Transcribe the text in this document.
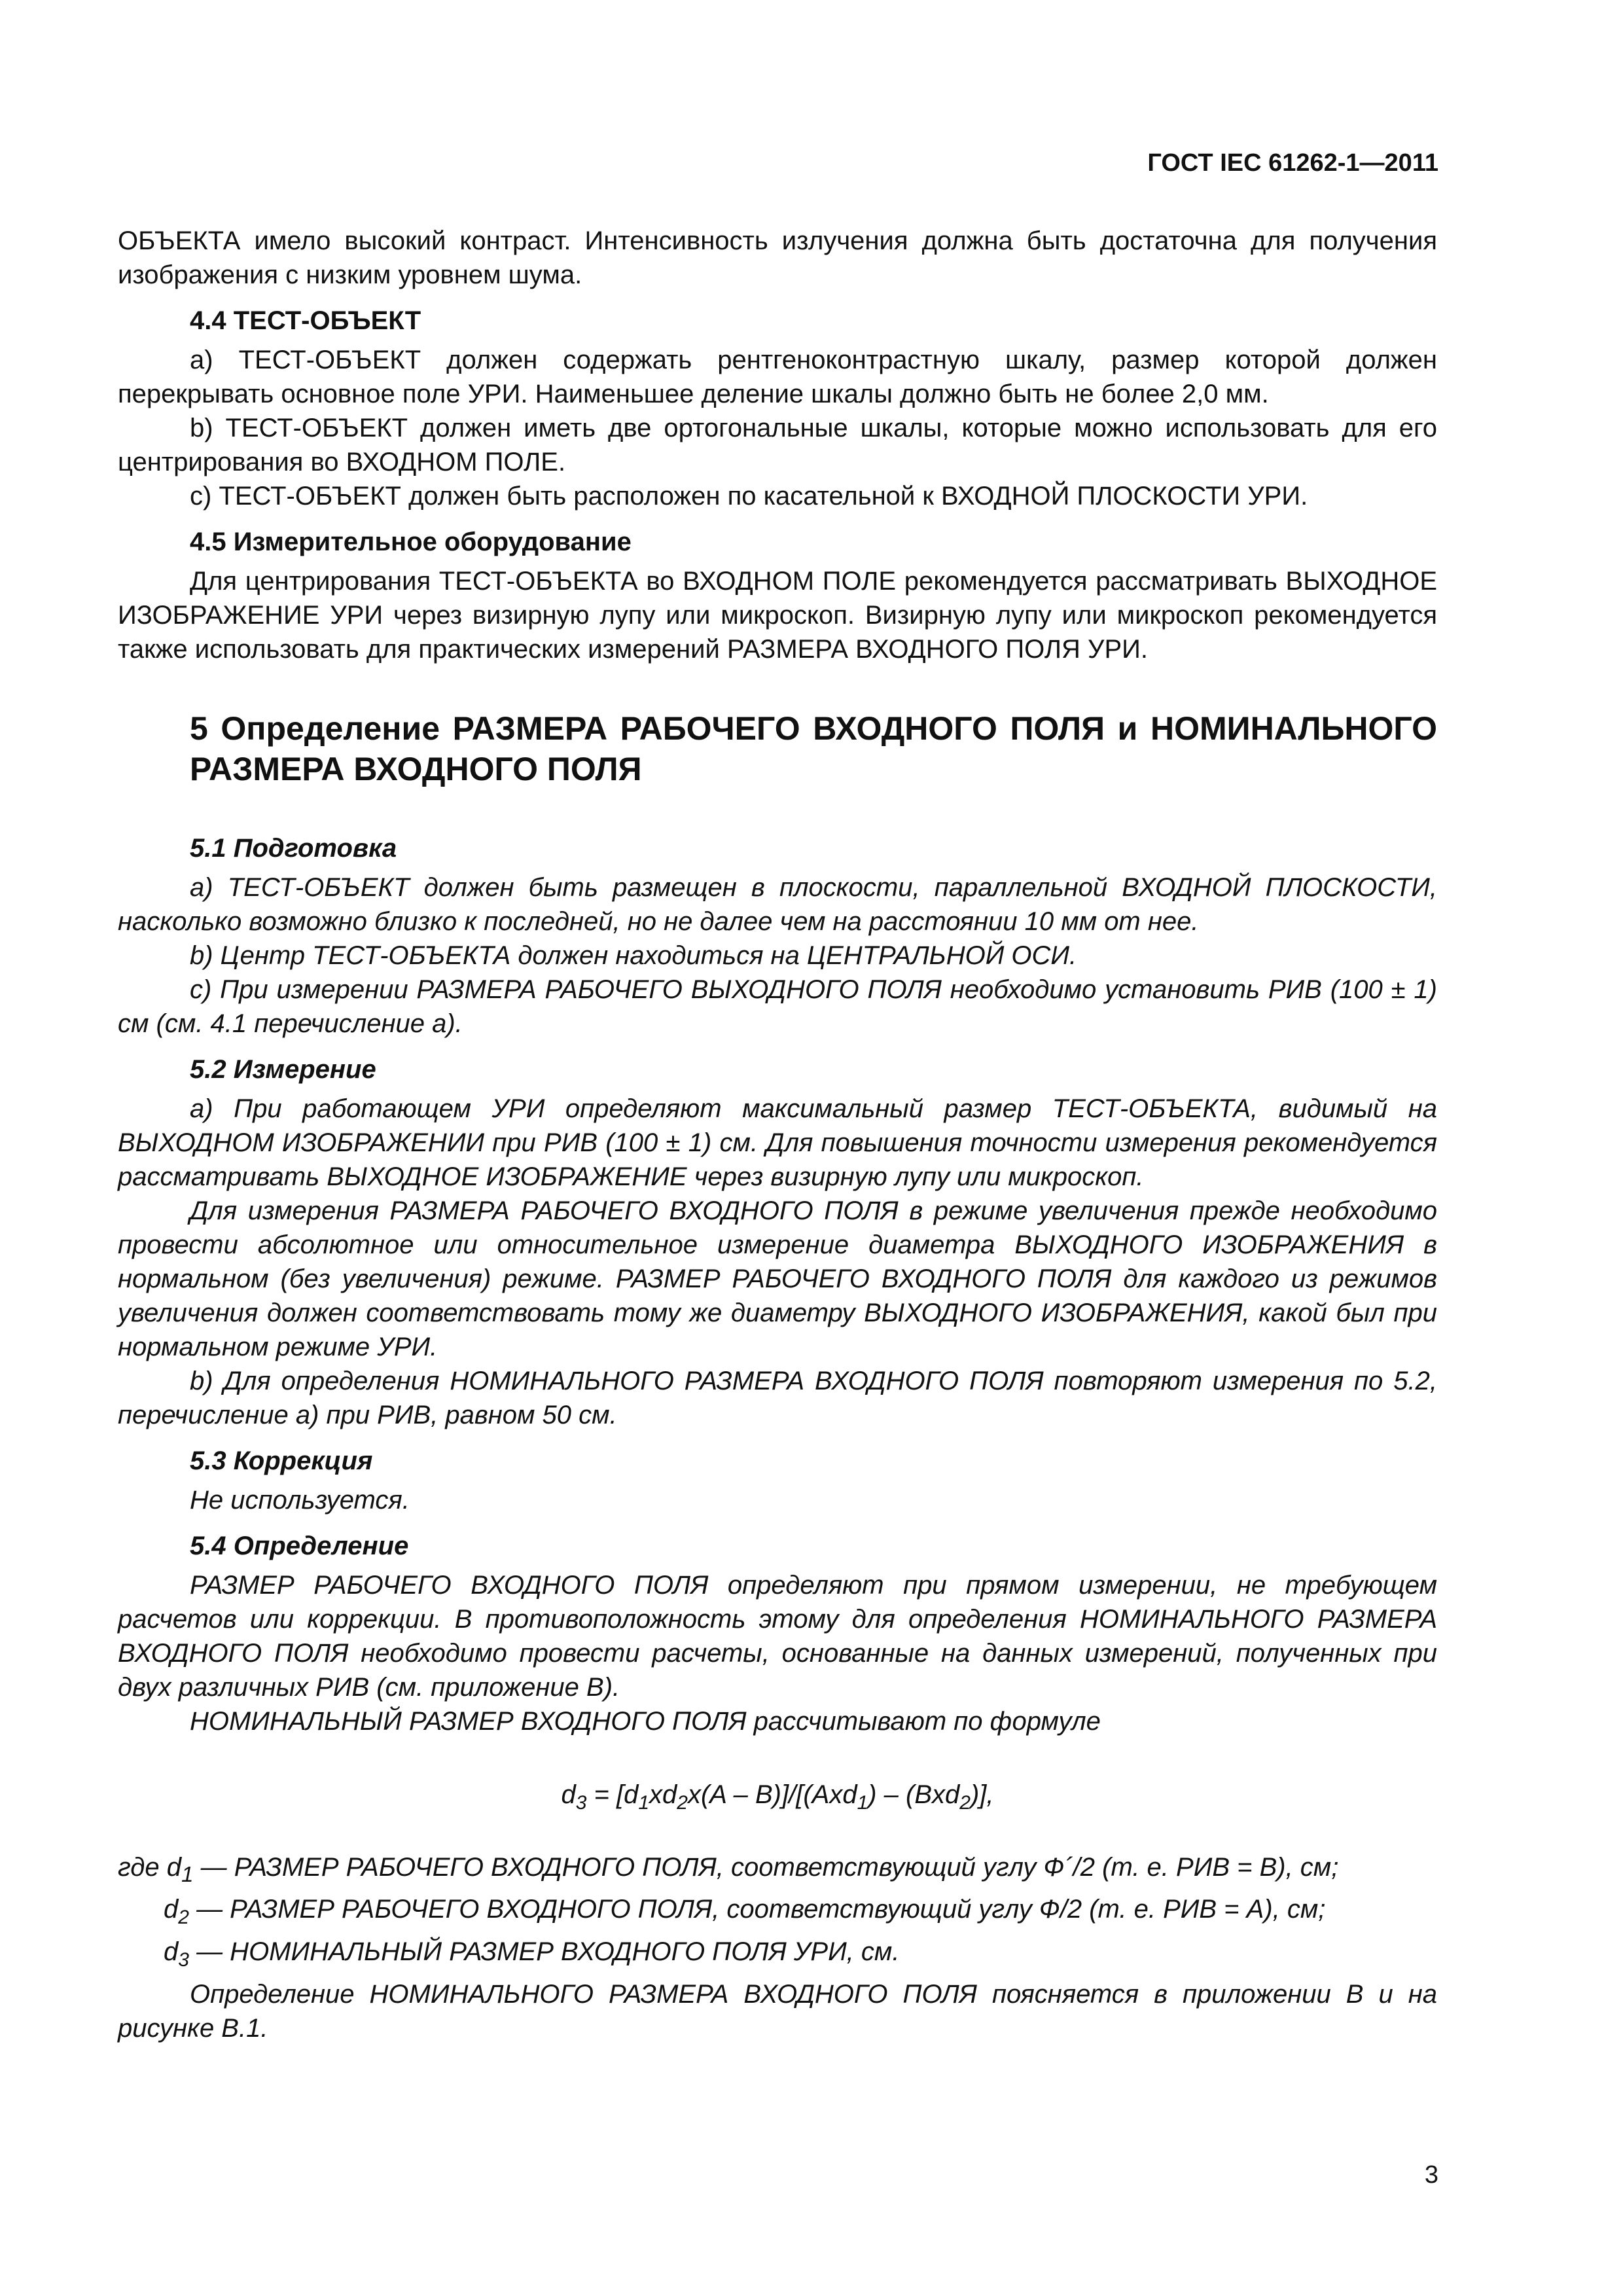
ГОСТ IEC 61262-1—2011

ОБЪЕКТА имело высокий контраст. Интенсивность излучения должна быть достаточна для получения изображения с низким уровнем шума.

4.4 ТЕСТ-ОБЪЕКТ

a) ТЕСТ-ОБЪЕКТ должен содержать рентгеноконтрастную шкалу, размер которой должен перекрывать основное поле УРИ. Наименьшее деление шкалы должно быть не более 2,0 мм.

b) ТЕСТ-ОБЪЕКТ должен иметь две ортогональные шкалы, которые можно использовать для его центрирования во ВХОДНОМ ПОЛЕ.

c) ТЕСТ-ОБЪЕКТ должен быть расположен по касательной к ВХОДНОЙ ПЛОСКОСТИ УРИ.

4.5 Измерительное оборудование

Для центрирования ТЕСТ-ОБЪЕКТА во ВХОДНОМ ПОЛЕ рекомендуется рассматривать ВЫХОДНОЕ ИЗОБРАЖЕНИЕ УРИ через визирную лупу или микроскоп. Визирную лупу или микроскоп рекомендуется также использовать для практических измерений РАЗМЕРА ВХОДНОГО ПОЛЯ УРИ.

5 Определение РАЗМЕРА РАБОЧЕГО ВХОДНОГО ПОЛЯ и НОМИНАЛЬНОГО РАЗМЕРА ВХОДНОГО ПОЛЯ

5.1 Подготовка

a) ТЕСТ-ОБЪЕКТ должен быть размещен в плоскости, параллельной ВХОДНОЙ ПЛОСКОСТИ, насколько возможно близко к последней, но не далее чем на расстоянии 10 мм от нее.

b) Центр ТЕСТ-ОБЪЕКТА должен находиться на ЦЕНТРАЛЬНОЙ ОСИ.

c) При измерении РАЗМЕРА РАБОЧЕГО ВЫХОДНОГО ПОЛЯ необходимо установить РИВ (100 ± 1) см (см. 4.1 перечисление а).

5.2 Измерение

a) При работающем УРИ определяют максимальный размер ТЕСТ-ОБЪЕКТА, видимый на ВЫХОДНОМ ИЗОБРАЖЕНИИ при РИВ (100 ± 1) см. Для повышения точности измерения рекомендуется рассматривать ВЫХОДНОЕ ИЗОБРАЖЕНИЕ через визирную лупу или микроскоп.

Для измерения РАЗМЕРА РАБОЧЕГО ВХОДНОГО ПОЛЯ в режиме увеличения прежде необходимо провести абсолютное или относительное измерение диаметра ВЫХОДНОГО ИЗОБРАЖЕНИЯ в нормальном (без увеличения) режиме. РАЗМЕР РАБОЧЕГО ВХОДНОГО ПОЛЯ для каждого из режимов увеличения должен соответствовать тому же диаметру ВЫХОДНОГО ИЗОБРАЖЕНИЯ, какой был при нормальном режиме УРИ.

b) Для определения НОМИНАЛЬНОГО РАЗМЕРА ВХОДНОГО ПОЛЯ повторяют измерения по 5.2, перечисление а) при РИВ, равном 50 см.

5.3 Коррекция

Не используется.

5.4 Определение

РАЗМЕР РАБОЧЕГО ВХОДНОГО ПОЛЯ определяют при прямом измерении, не требующем расчетов или коррекции. В противоположность этому для определения НОМИНАЛЬНОГО РАЗМЕРА ВХОДНОГО ПОЛЯ необходимо провести расчеты, основанные на данных измерений, полученных при двух различных РИВ (см. приложение В).

НОМИНАЛЬНЫЙ РАЗМЕР ВХОДНОГО ПОЛЯ рассчитывают по формуле

$d_3 = [d_1xd_2x(A - B)]/[(Axd_1) - (Bxd_2)]$,

где $d_1$ — РАЗМЕР РАБОЧЕГО ВХОДНОГО ПОЛЯ, соответствующий углу Ф´/2 (т. е. РИВ = В), см;

$d_2$ — РАЗМЕР РАБОЧЕГО ВХОДНОГО ПОЛЯ, соответствующий углу Ф/2 (т. е. РИВ = А), см;

$d_3$ — НОМИНАЛЬНЫЙ РАЗМЕР ВХОДНОГО ПОЛЯ УРИ, см.

Определение НОМИНАЛЬНОГО РАЗМЕРА ВХОДНОГО ПОЛЯ поясняется в приложении В и на рисунке В.1.

3
